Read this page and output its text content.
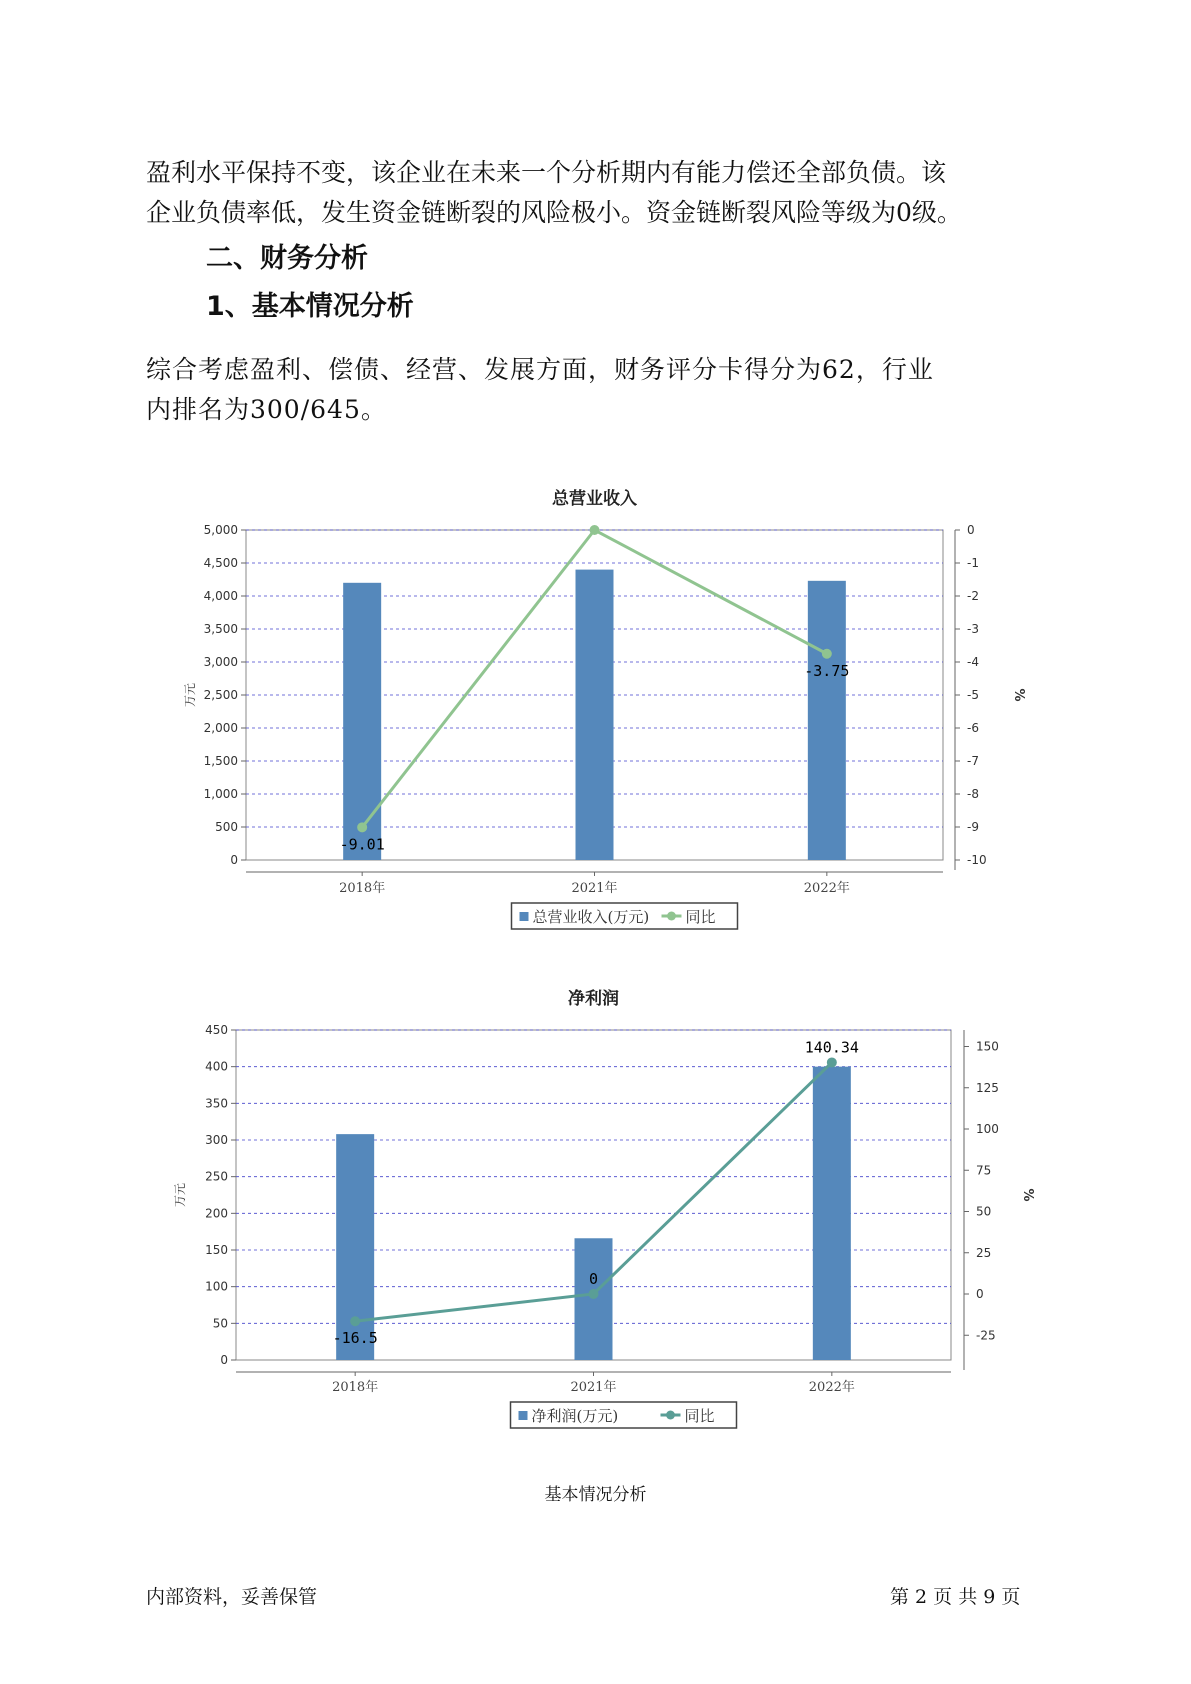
盈利水平保持不变，该企业在未来一个分析期内有能力偿还全部负债。该
企业负债率低，发生资金链断裂的风险极小。资金链断裂风险等级为0级。

二、财务分析
1、基本情况分析

综合考虑盈利、偿债、经营、发展方面，财务评分卡得分为62，行业
内排名为300/645。

总营业收入
0
500
1,000
1,500
2,000
2,500
3,000
3,500
4,000
4,500
5,000
万元
0
-1
-2
-3
-4
-5
-6
-7
-8
-9
-10
%
2018年	2021年	2022年
-9.01
-3.75
总营业收入(万元) 同比
净利润
0
50
100
150
200
250
300
350
400
450
万元
150
125
100
75
50
25
0
-25
%
2018年	2021年	2022年
-16.5
0
140.34
净利润(万元)	同比
基本情况分析
内部资料，妥善保管	第 2 页 共 9 页
